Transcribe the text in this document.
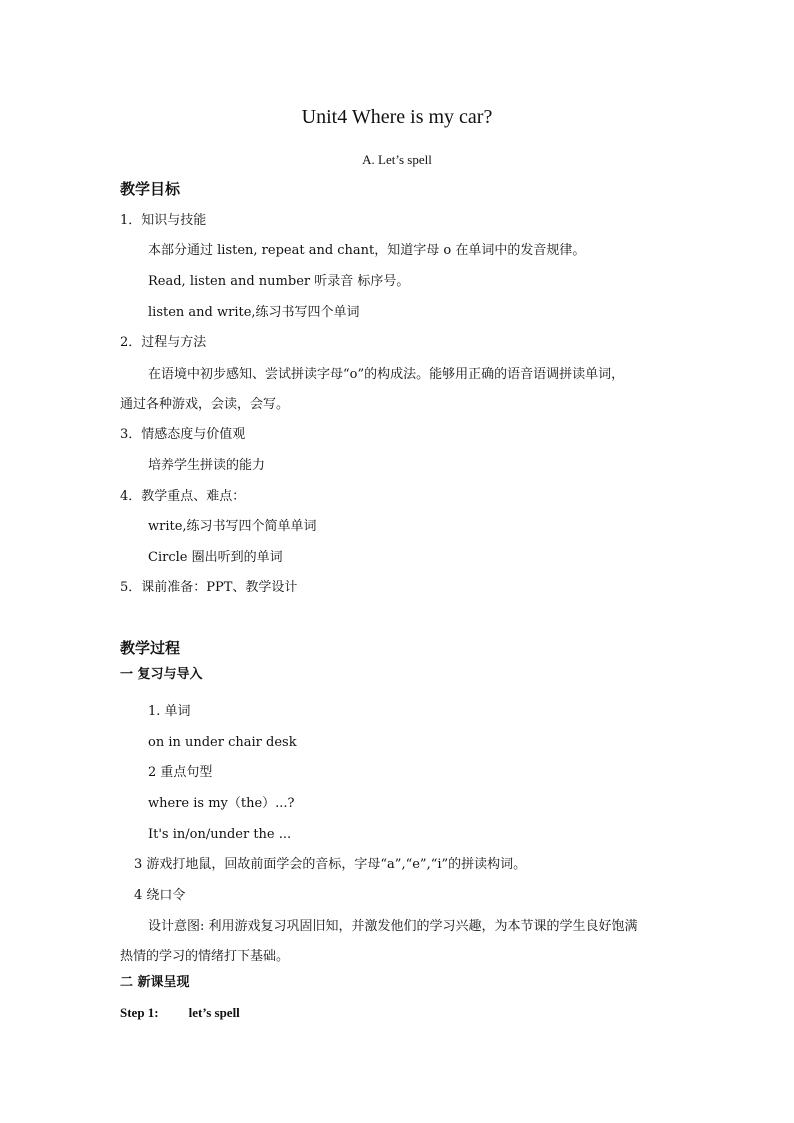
Unit4 Where is my car?
A. Let’s spell
教学目标
1．知识与技能
本部分通过 listen, repeat and chant，知道字母 o 在单词中的发音规律。
Read, listen and number 听录音 标序号。
listen and write,练习书写四个单词
2．过程与方法
在语境中初步感知、尝试拼读字母“o”的构成法。能够用正确的语音语调拼读单词，
通过各种游戏，会读，会写。
3．情感态度与价值观
培养学生拼读的能力
4．教学重点、难点：
write,练习书写四个简单单词
Circle 圈出听到的单词
5．课前准备：PPT、教学设计
教学过程
一 复习与导入
1. 单词
on in under chair desk
2 重点句型
where is my（the）...?
It's in/on/under the ...
3 游戏打地鼠，回故前面学会的音标，字母“a”,“e”,“i”的拼读构词。
4 绕口令
设计意图: 利用游戏复习巩固旧知，并激发他们的学习兴趣，为本节课的学生良好饱满
热情的学习的情绪打下基础。
二 新课呈现
Step 1: let’s spell
